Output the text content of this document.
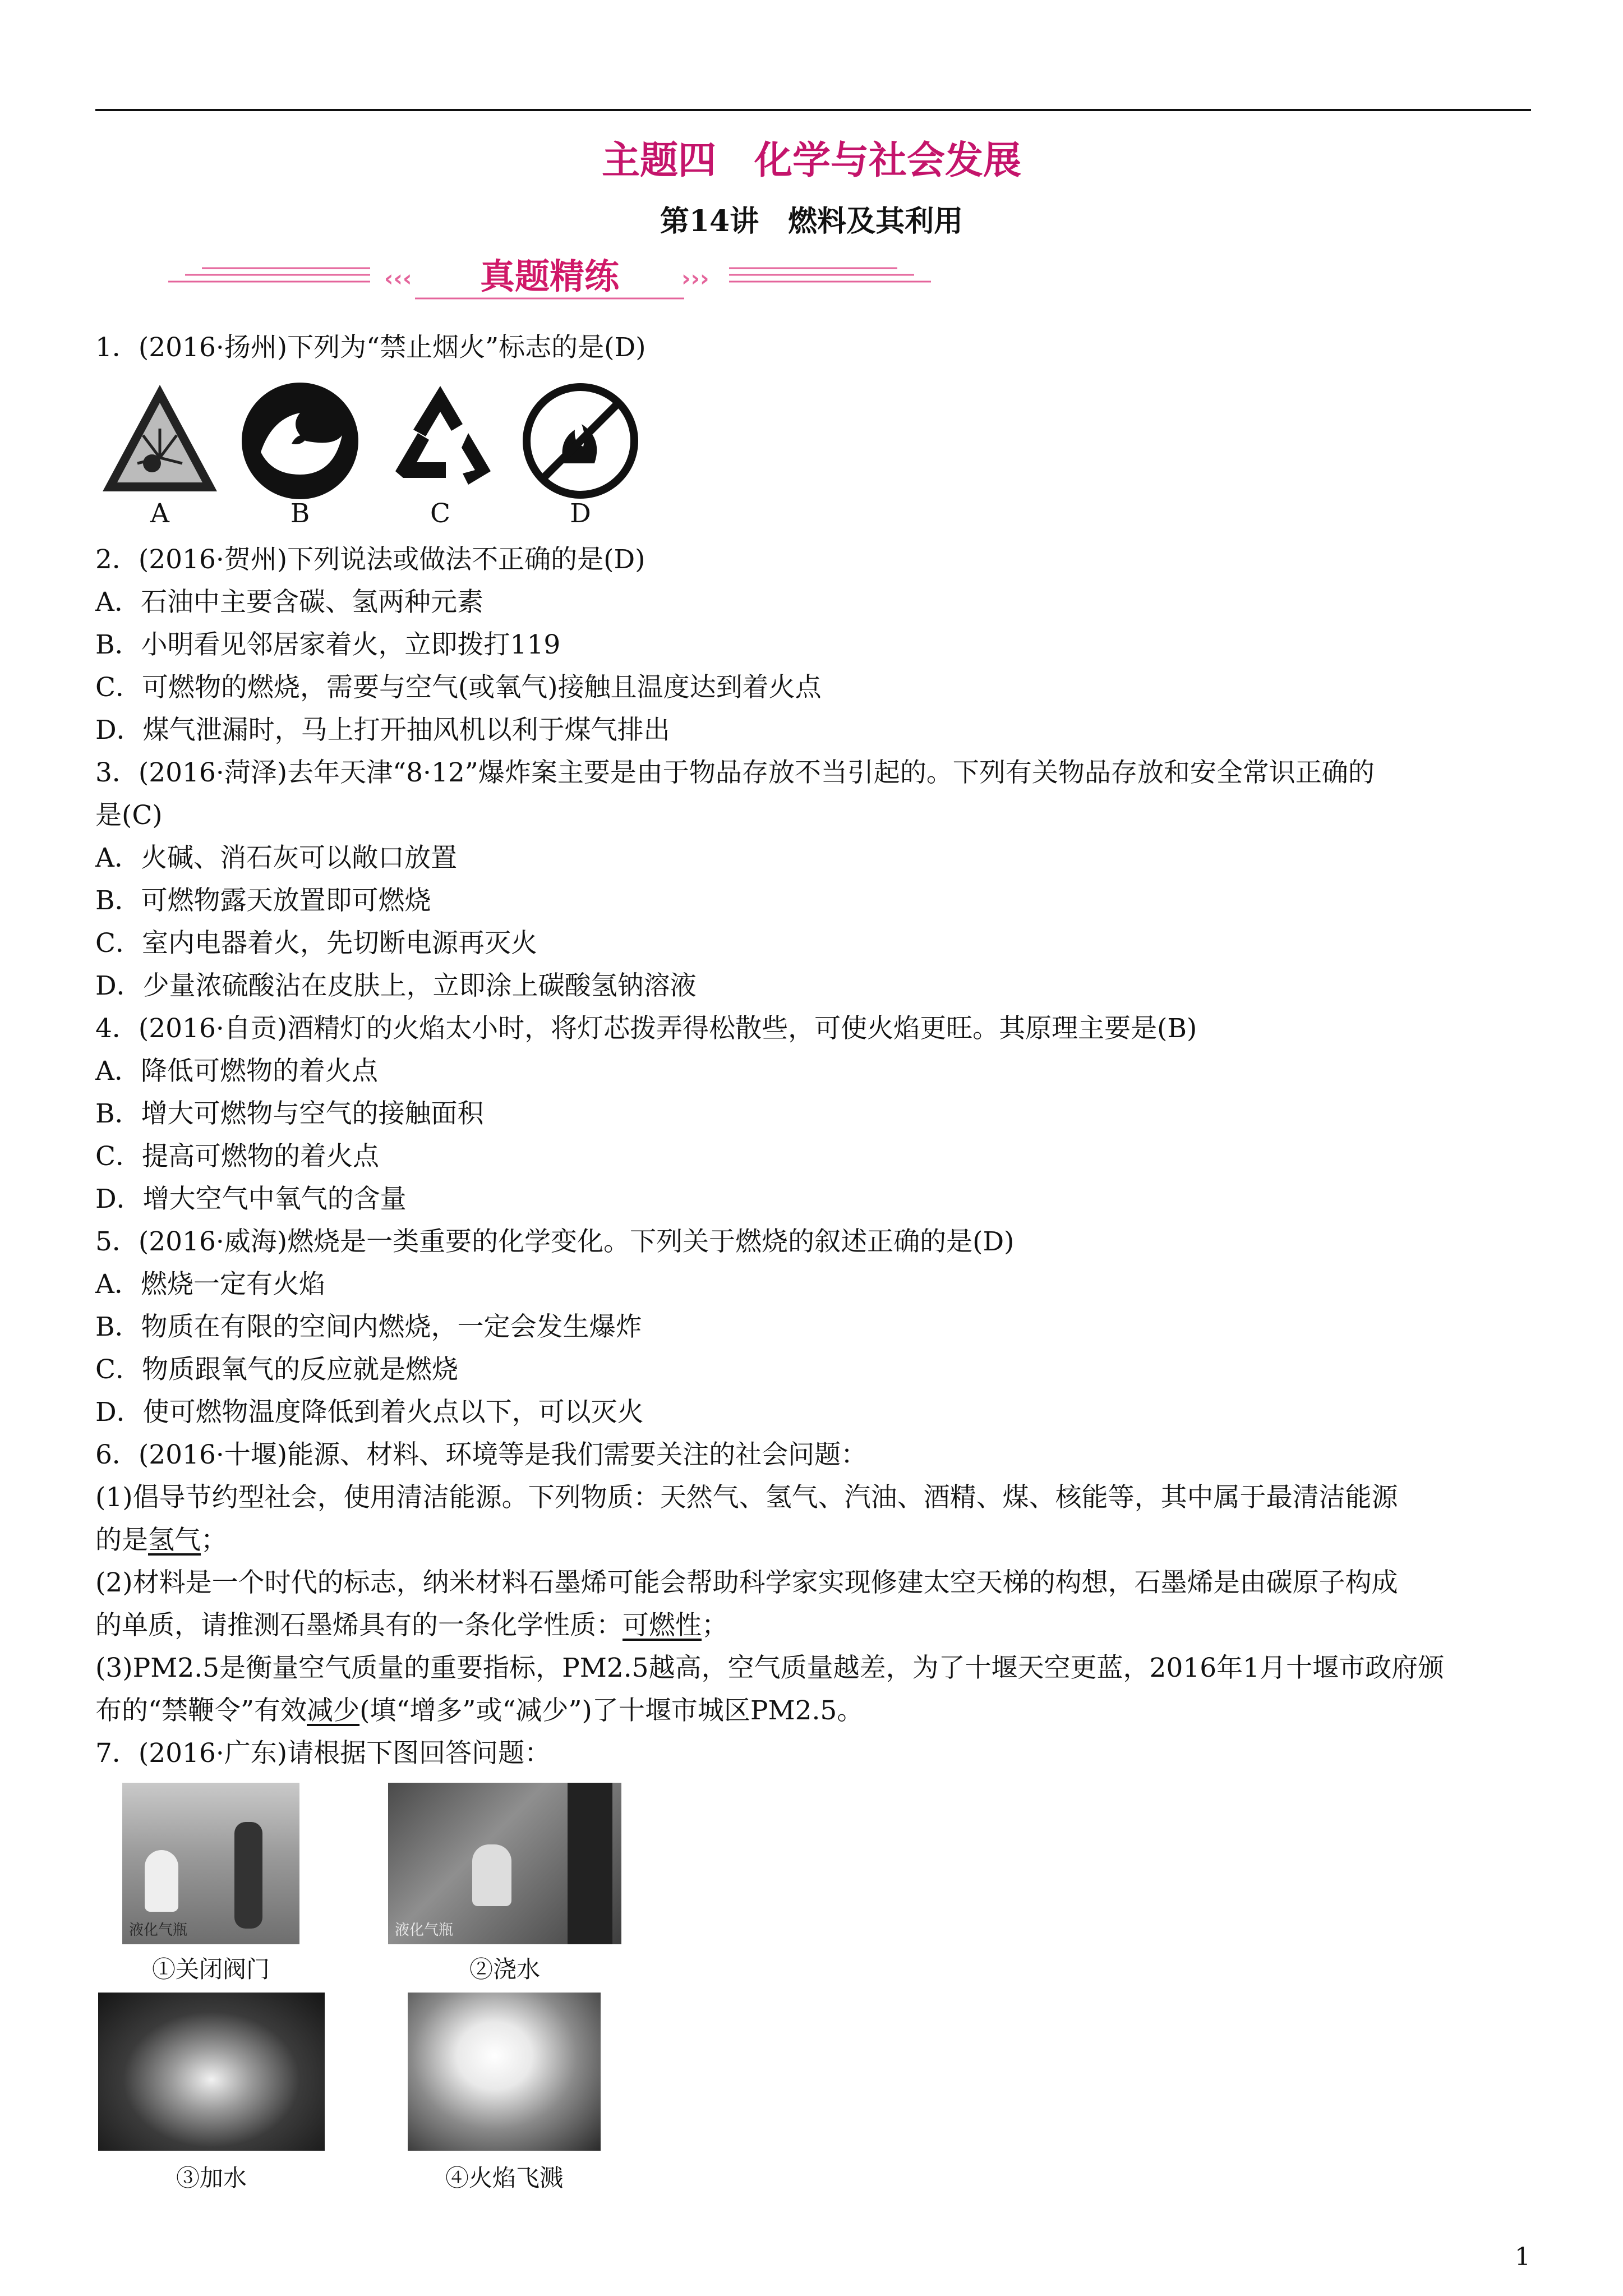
主题四　化学与社会发展
第14讲　燃料及其利用
‹‹‹	›››
真题精练
1．(2016·扬州)下列为“禁止烟火”标志的是(D)
A	B	C	D
2．(2016·贺州)下列说法或做法不正确的是(D)
A．石油中主要含碳、氢两种元素
B．小明看见邻居家着火，立即拨打119
C．可燃物的燃烧，需要与空气(或氧气)接触且温度达到着火点
D．煤气泄漏时，马上打开抽风机以利于煤气排出
3．(2016·菏泽)去年天津“8·12”爆炸案主要是由于物品存放不当引起的。下列有关物品存放和安全常识正确的
是(C)
A．火碱、消石灰可以敞口放置
B．可燃物露天放置即可燃烧
C．室内电器着火，先切断电源再灭火
D．少量浓硫酸沾在皮肤上，立即涂上碳酸氢钠溶液
4．(2016·自贡)酒精灯的火焰太小时，将灯芯拨弄得松散些，可使火焰更旺。其原理主要是(B)
A．降低可燃物的着火点
B．增大可燃物与空气的接触面积
C．提高可燃物的着火点
D．增大空气中氧气的含量
5．(2016·威海)燃烧是一类重要的化学变化。下列关于燃烧的叙述正确的是(D)
A．燃烧一定有火焰
B．物质在有限的空间内燃烧，一定会发生爆炸
C．物质跟氧气的反应就是燃烧
D．使可燃物温度降低到着火点以下，可以灭火
6．(2016·十堰)能源、材料、环境等是我们需要关注的社会问题：
(1)倡导节约型社会，使用清洁能源。下列物质：天然气、氢气、汽油、酒精、煤、核能等，其中属于最清洁能源
的是氢气；
(2)材料是一个时代的标志，纳米材料石墨烯可能会帮助科学家实现修建太空天梯的构想，石墨烯是由碳原子构成
的单质，请推测石墨烯具有的一条化学性质：可燃性；
(3)PM2.5是衡量空气质量的重要指标，PM2.5越高，空气质量越差，为了十堰天空更蓝，2016年1月十堰市政府颁
布的“禁鞭令”有效减少(填“增多”或“减少”)了十堰市城区PM2.5。
7．(2016·广东)请根据下图回答问题：
液化气瓶	液化气瓶
①关闭阀门	②浇水
③加水	④火焰飞溅
1
